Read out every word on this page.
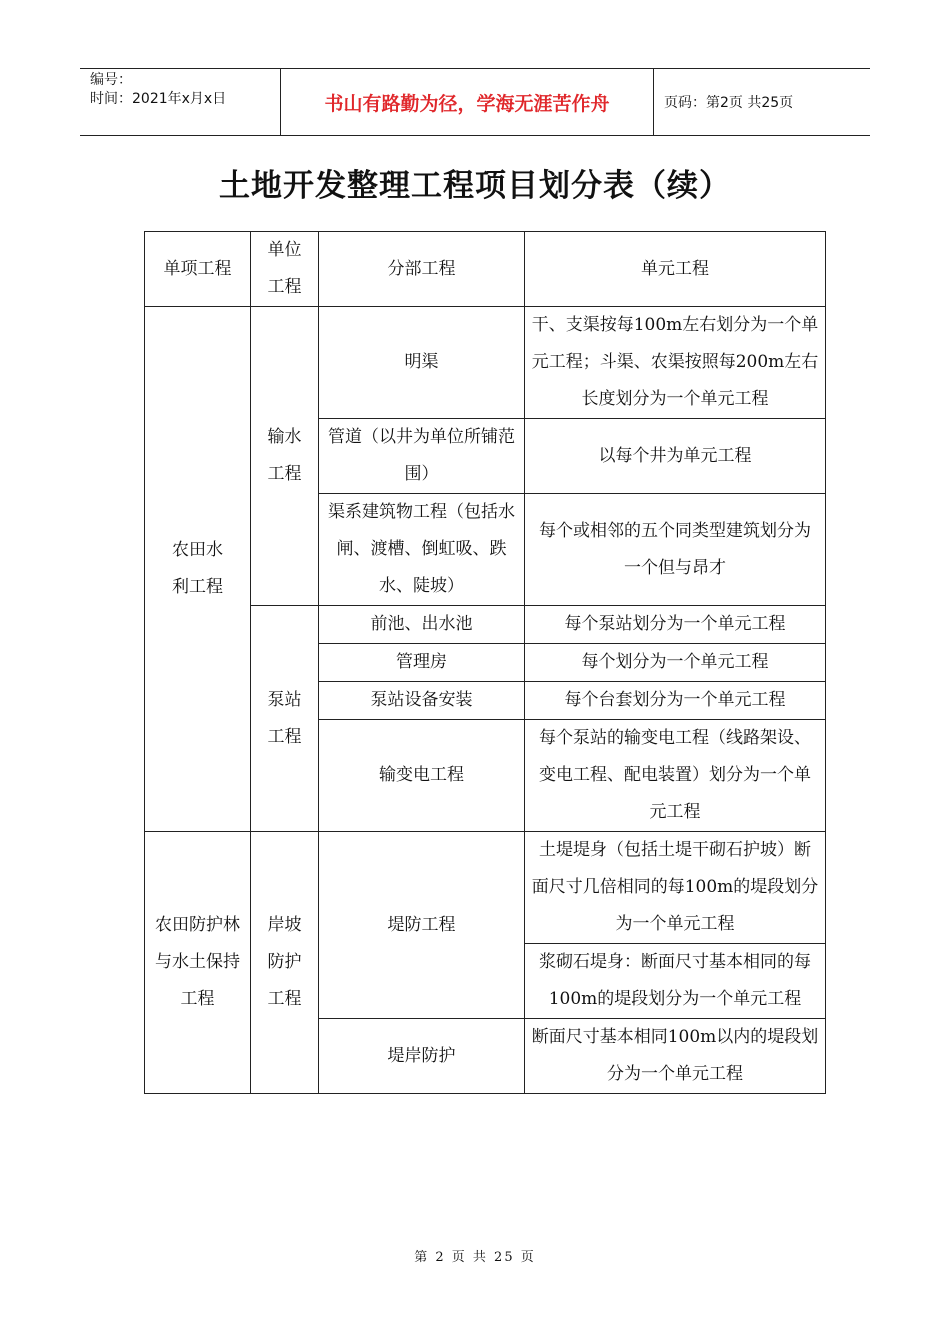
编号：
时间：2021年x月x日	书山有路勤为径，学海无涯苦作舟	页码：第2页 共25页
土地开发整理工程项目划分表（续）
单项工程	单位工程	分部工程	单元工程
农田水利工程	输水工程	明渠	干、支渠按每100m左右划分为一个单元工程；斗渠、农渠按照每200m左右长度划分为一个单元工程
		管道（以井为单位所铺范围）	以每个井为单元工程
		渠系建筑物工程（包括水闸、渡槽、倒虹吸、跌水、陡坡）	每个或相邻的五个同类型建筑划分为一个但与昂才
	泵站工程	前池、出水池	每个泵站划分为一个单元工程
		管理房	每个划分为一个单元工程
		泵站设备安装	每个台套划分为一个单元工程
		输变电工程	每个泵站的输变电工程（线路架设、变电工程、配电装置）划分为一个单元工程
农田防护林与水土保持工程	岸坡防护工程	堤防工程	土堤堤身（包括土堤干砌石护坡）断面尺寸几倍相同的每100m的堤段划分为一个单元工程
			浆砌石堤身：断面尺寸基本相同的每100m的堤段划分为一个单元工程
		堤岸防护	断面尺寸基本相同100m以内的堤段划分为一个单元工程
第 2 页 共 25 页
